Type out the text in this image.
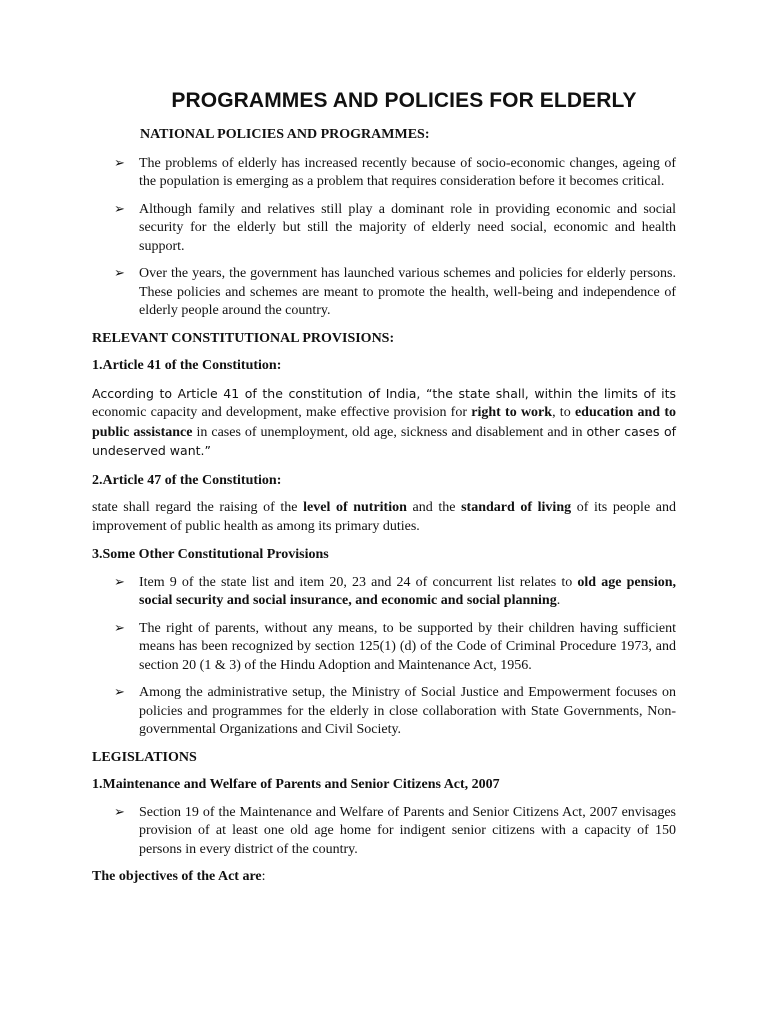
PROGRAMMES AND POLICIES FOR ELDERLY
NATIONAL POLICIES AND PROGRAMMES:
➢ The problems of elderly has increased recently because of socio-economic changes, ageing of the population is emerging as a problem that requires consideration before it becomes critical.
➢ Although family and relatives still play a dominant role in providing economic and social security for the elderly but still the majority of elderly need social, economic and health support.
➢ Over the years, the government has launched various schemes and policies for elderly persons. These policies and schemes are meant to promote the health, well-being and independence of elderly people around the country.
RELEVANT CONSTITUTIONAL PROVISIONS:
1.Article 41 of the Constitution:

According to Article 41 of the constitution of India, “the state shall, within the limits of its economic capacity and development, make effective provision for right to work, to education and to public assistance in cases of unemployment, old age, sickness and disablement and in other cases of undeserved want.”

2.Article 47 of the Constitution:

state shall regard the raising of the level of nutrition and the standard of living of its people and improvement of public health as among its primary duties.

3.Some Other Constitutional Provisions
➢ Item 9 of the state list and item 20, 23 and 24 of concurrent list relates to old age pension, social security and social insurance, and economic and social planning.
➢ The right of parents, without any means, to be supported by their children having sufficient means has been recognized by section 125(1) (d) of the Code of Criminal Procedure 1973, and section 20 (1 & 3) of the Hindu Adoption and Maintenance Act, 1956.
➢ Among the administrative setup, the Ministry of Social Justice and Empowerment focuses on policies and programmes for the elderly in close collaboration with State Governments, Non-governmental Organizations and Civil Society.
LEGISLATIONS
1.Maintenance and Welfare of Parents and Senior Citizens Act, 2007
➢ Section 19 of the Maintenance and Welfare of Parents and Senior Citizens Act, 2007 envisages provision of at least one old age home for indigent senior citizens with a capacity of 150 persons in every district of the country.
The objectives of the Act are:
